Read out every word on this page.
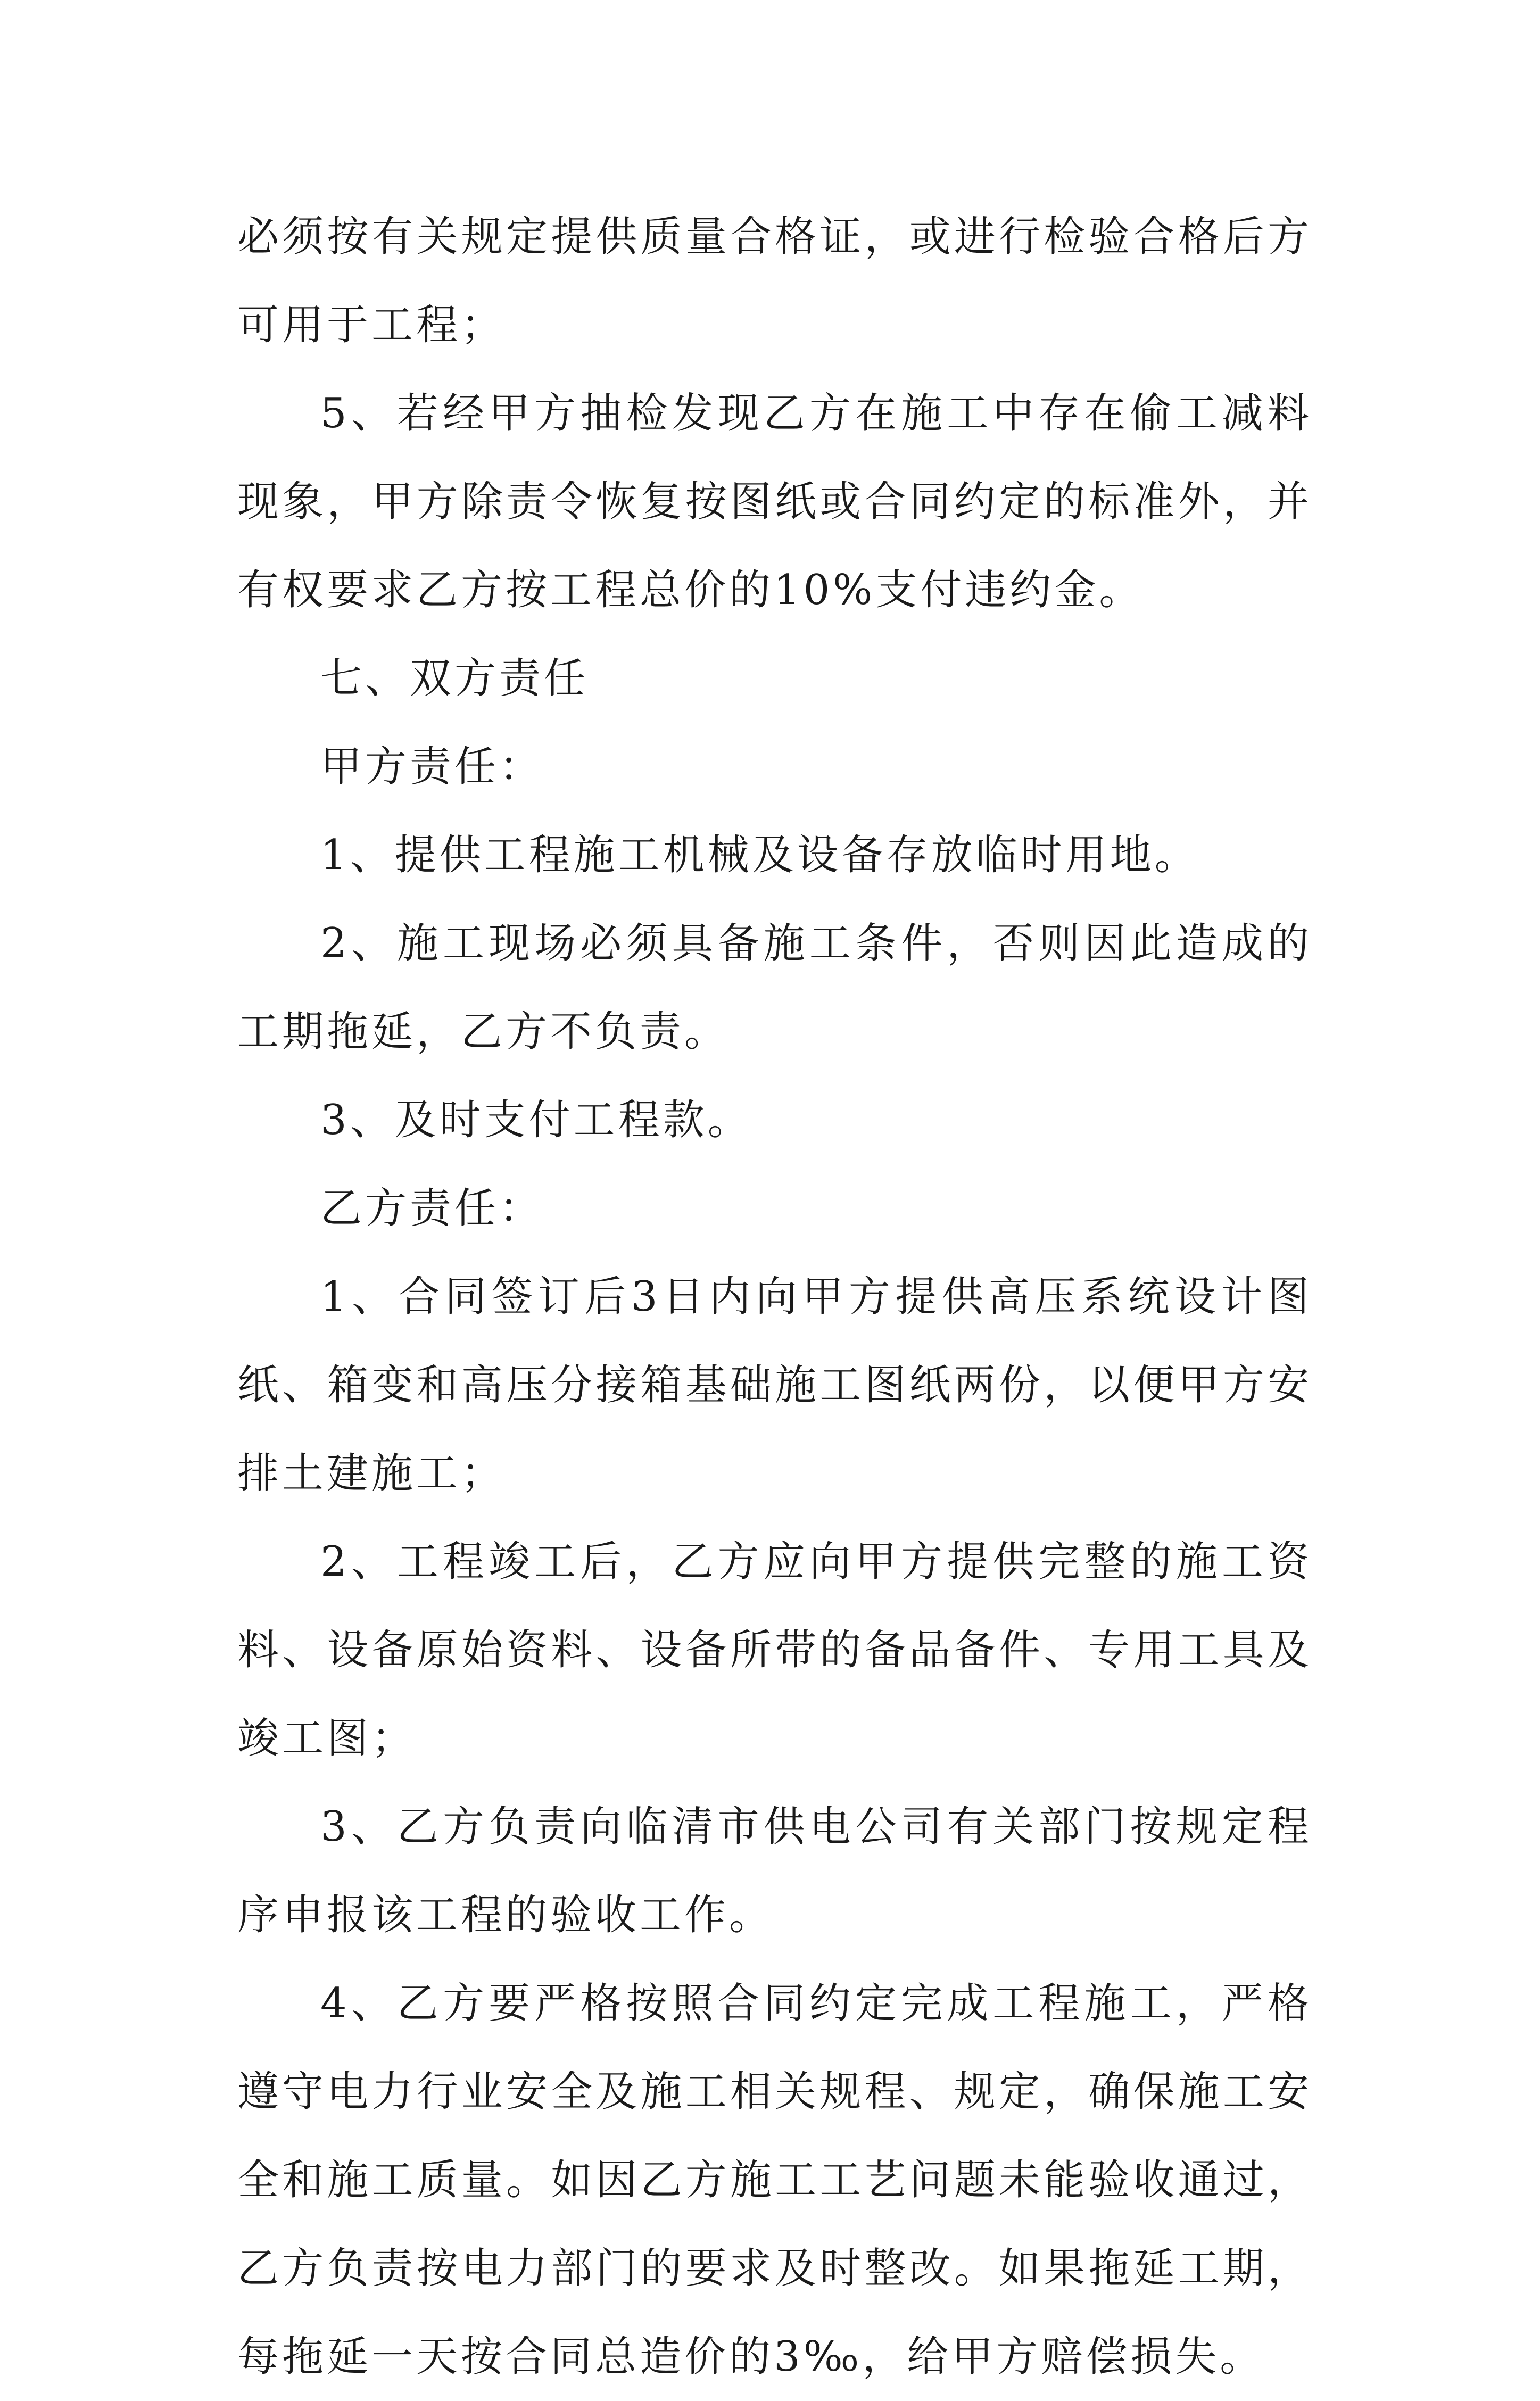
必须按有关规定提供质量合格证，或进行检验合格后方可用于工程；

5、若经甲方抽检发现乙方在施工中存在偷工减料现象，甲方除责令恢复按图纸或合同约定的标准外，并有权要求乙方按工程总价的10%支付违约金。

七、双方责任

甲方责任：

1、提供工程施工机械及设备存放临时用地。

2、施工现场必须具备施工条件，否则因此造成的工期拖延，乙方不负责。

3、及时支付工程款。

乙方责任：

1、合同签订后3日内向甲方提供高压系统设计图纸、箱变和高压分接箱基础施工图纸两份，以便甲方安排土建施工；

2、工程竣工后，乙方应向甲方提供完整的施工资料、设备原始资料、设备所带的备品备件、专用工具及竣工图；

3、乙方负责向临清市供电公司有关部门按规定程序申报该工程的验收工作。

4、乙方要严格按照合同约定完成工程施工，严格遵守电力行业安全及施工相关规程、规定，确保施工安全和施工质量。如因乙方施工工艺问题未能验收通过，乙方负责按电力部门的要求及时整改。如果拖延工期，每拖延一天按合同总造价的3‰，给甲方赔偿损失。
